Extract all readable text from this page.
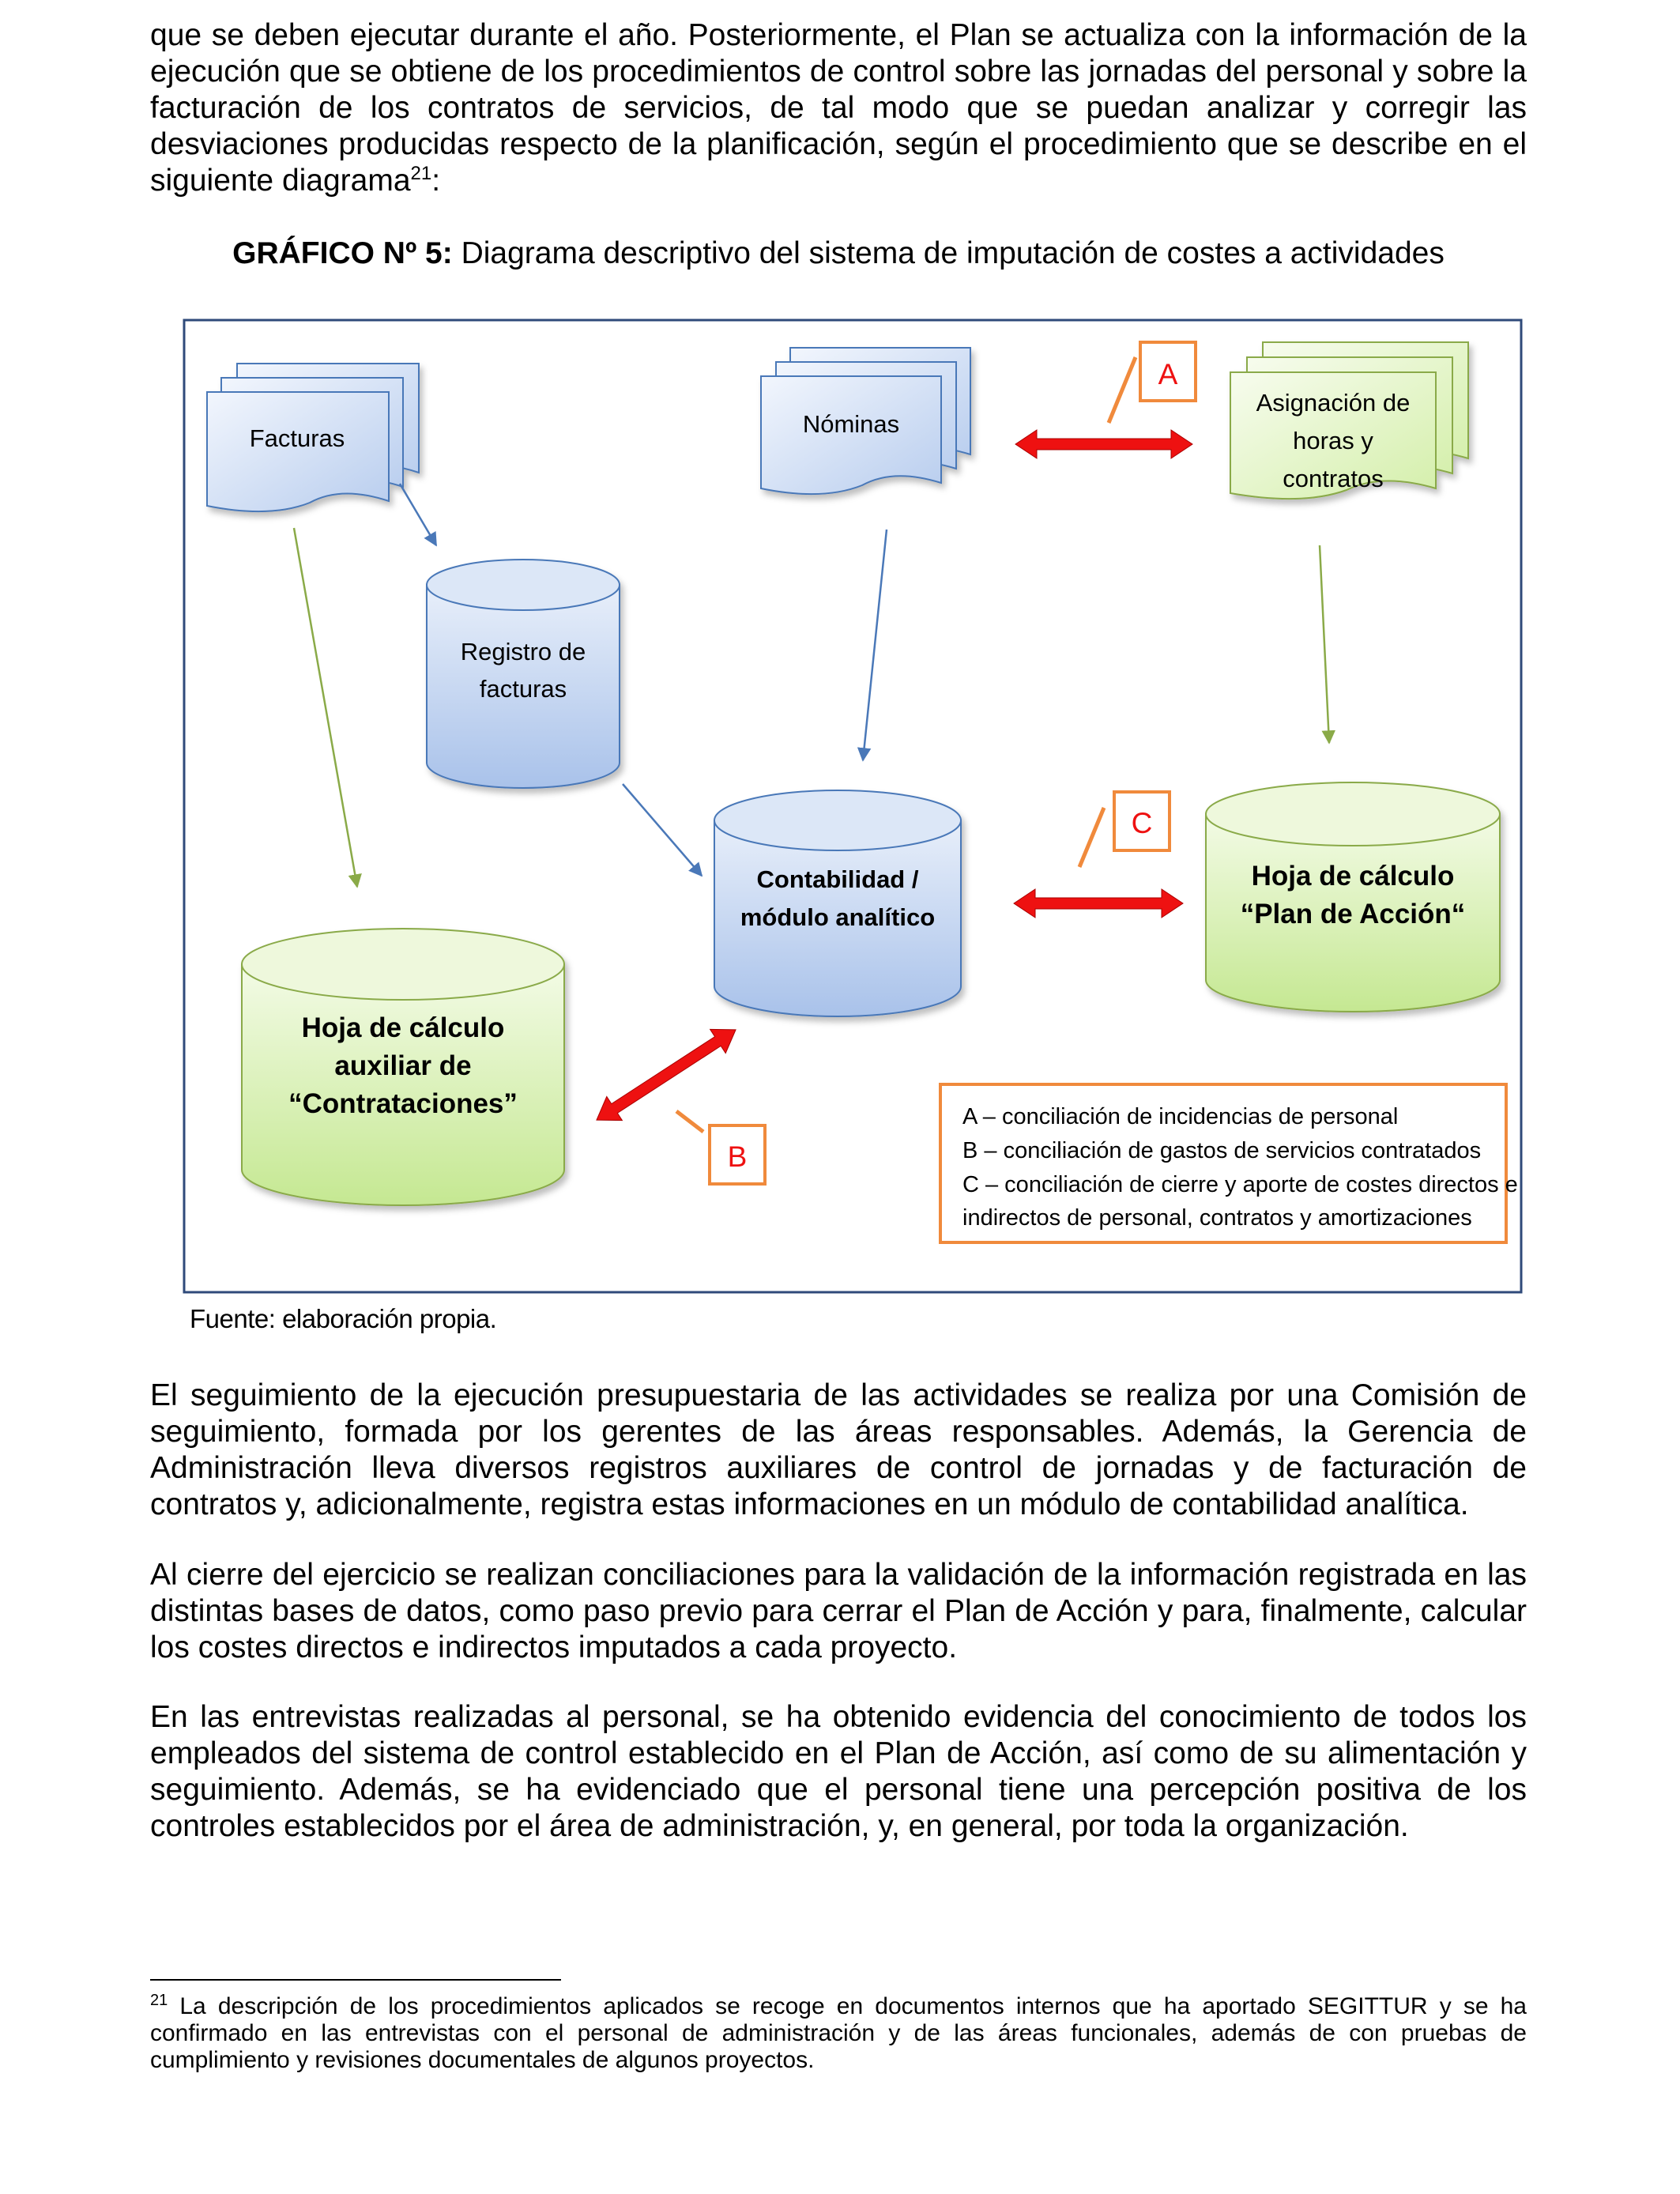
que se deben ejecutar durante el año. Posteriormente, el Plan se actualiza con la información de la ejecución que se obtiene de los procedimientos de control sobre las jornadas del personal y sobre la facturación de los contratos de servicios, de tal modo que se puedan analizar y corregir las desviaciones producidas respecto de la planificación, según el procedimiento que se describe en el siguiente diagrama$^{21}$:

GRÁFICO Nº 5: Diagrama descriptivo del sistema de imputación de costes a actividades

Facturas
Nóminas
Asignación de
horas y
contratos
Registro de
facturas
Contabilidad /
módulo analítico
Hoja de cálculo
“Plan de Acción“
Hoja de cálculo
auxiliar de
“Contrataciones”
A
B
C
A – conciliación de incidencias de personal
B – conciliación de gastos de servicios contratados
C – conciliación de cierre y aporte de costes directos e
indirectos de personal, contratos y amortizaciones

Fuente: elaboración propia.

El seguimiento de la ejecución presupuestaria de las actividades se realiza por una Comisión de seguimiento, formada por los gerentes de las áreas responsables. Además, la Gerencia de Administración lleva diversos registros auxiliares de control de jornadas y de facturación de contratos y, adicionalmente, registra estas informaciones en un módulo de contabilidad analítica.

Al cierre del ejercicio se realizan conciliaciones para la validación de la información registrada en las distintas bases de datos, como paso previo para cerrar el Plan de Acción y para, finalmente, calcular los costes directos e indirectos imputados a cada proyecto.

En las entrevistas realizadas al personal, se ha obtenido evidencia del conocimiento de todos los empleados del sistema de control establecido en el Plan de Acción, así como de su alimentación y seguimiento. Además, se ha evidenciado que el personal tiene una percepción positiva de los controles establecidos por el área de administración, y, en general, por toda la organización.

$^{21}$ La descripción de los procedimientos aplicados se recoge en documentos internos que ha aportado SEGITTUR y se ha confirmado en las entrevistas con el personal de administración y de las áreas funcionales, además de con pruebas de cumplimiento y revisiones documentales de algunos proyectos.
